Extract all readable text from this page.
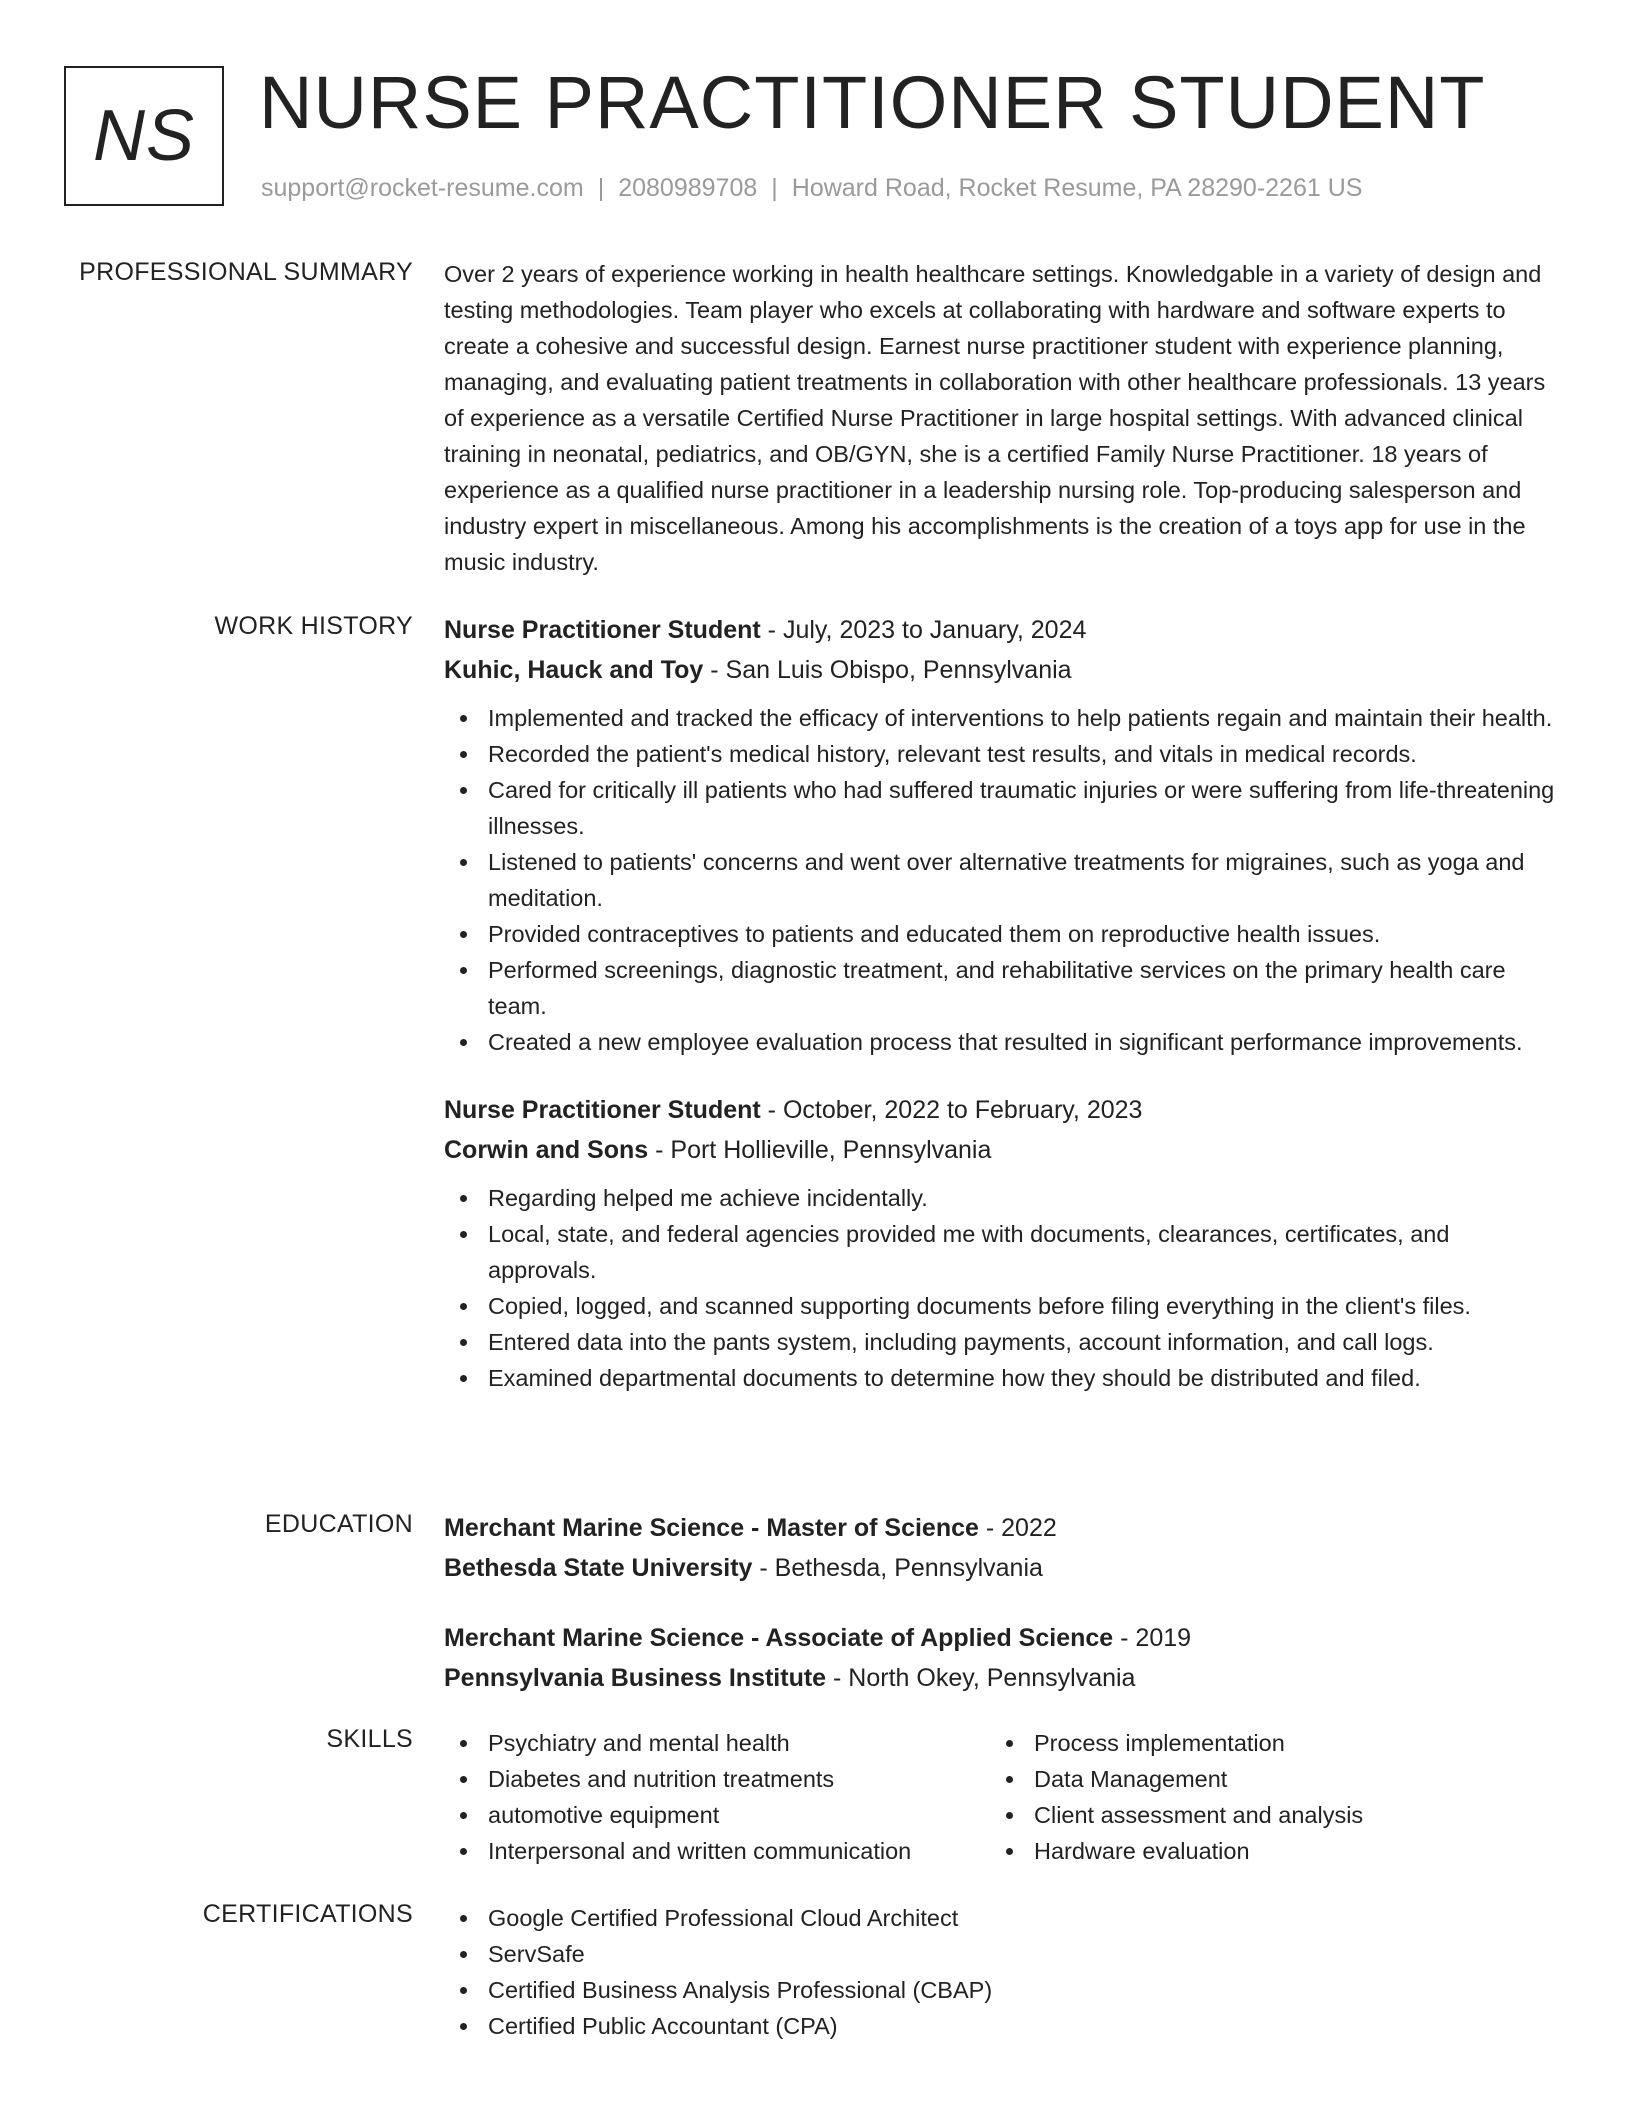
NS NURSE PRACTITIONER STUDENT
support@rocket-resume.com | 2080989708 | Howard Road, Rocket Resume, PA 28290-2261 US
PROFESSIONAL SUMMARY Over 2 years of experience working in health healthcare settings. Knowledgable in a variety of design and testing methodologies. Team player who excels at collaborating with hardware and software experts to create a cohesive and successful design. Earnest nurse practitioner student with experience planning, managing, and evaluating patient treatments in collaboration with other healthcare professionals. 13 years of experience as a versatile Certified Nurse Practitioner in large hospital settings. With advanced clinical training in neonatal, pediatrics, and OB/GYN, she is a certified Family Nurse Practitioner. 18 years of experience as a qualified nurse practitioner in a leadership nursing role. Top-producing salesperson and industry expert in miscellaneous. Among his accomplishments is the creation of a toys app for use in the music industry.

WORK HISTORY Nurse Practitioner Student - July, 2023 to January, 2024
Kuhic, Hauck and Toy - San Luis Obispo, Pennsylvania
Implemented and tracked the efficacy of interventions to help patients regain and maintain their health.
Recorded the patient's medical history, relevant test results, and vitals in medical records.
Cared for critically ill patients who had suffered traumatic injuries or were suffering from life-threatening illnesses.
Listened to patients' concerns and went over alternative treatments for migraines, such as yoga and meditation.
Provided contraceptives to patients and educated them on reproductive health issues.
Performed screenings, diagnostic treatment, and rehabilitative services on the primary health care team.
Created a new employee evaluation process that resulted in significant performance improvements.
Nurse Practitioner Student - October, 2022 to February, 2023
Corwin and Sons - Port Hollieville, Pennsylvania
Regarding helped me achieve incidentally.
Local, state, and federal agencies provided me with documents, clearances, certificates, and approvals.
Copied, logged, and scanned supporting documents before filing everything in the client's files.
Entered data into the pants system, including payments, account information, and call logs.
Examined departmental documents to determine how they should be distributed and filed.
EDUCATION Merchant Marine Science - Master of Science - 2022
Bethesda State University - Bethesda, Pennsylvania
Merchant Marine Science - Associate of Applied Science - 2019
Pennsylvania Business Institute - North Okey, Pennsylvania
SKILLS	Psychiatry and mental health
Diabetes and nutrition treatments
automotive equipment
Interpersonal and written communication
Process implementation
Data Management
Client assessment and analysis
Hardware evaluation
CERTIFICATIONS	Google Certified Professional Cloud Architect
ServSafe
Certified Business Analysis Professional (CBAP)
Certified Public Accountant (CPA)
